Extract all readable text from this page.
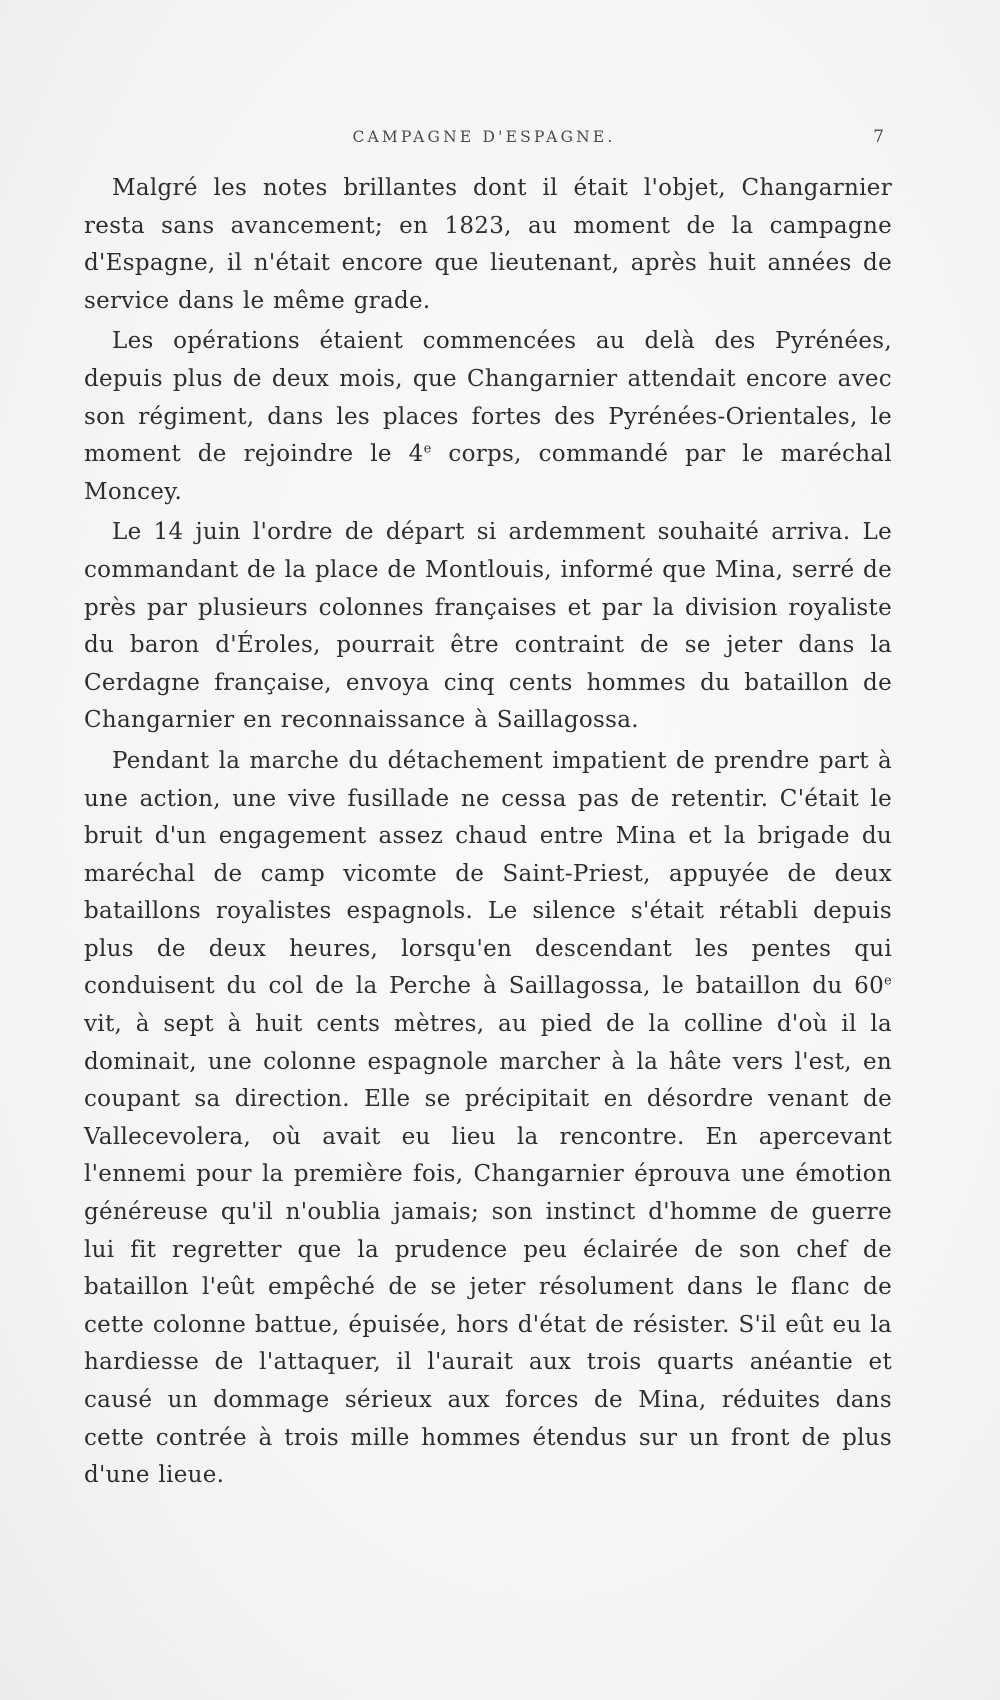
CAMPAGNE D'ESPAGNE.	7

Malgré les notes brillantes dont il était l'objet, Changarnier resta sans avancement; en 1823, au moment de la campagne d'Espagne, il n'était encore que lieutenant, après huit années de service dans le même grade.

Les opérations étaient commencées au delà des Pyrénées, depuis plus de deux mois, que Changarnier attendait encore avec son régiment, dans les places fortes des Pyrénées-Orientales, le moment de rejoindre le 4e corps, commandé par le maréchal Moncey.

Le 14 juin l'ordre de départ si ardemment souhaité arriva. Le commandant de la place de Montlouis, informé que Mina, serré de près par plusieurs colonnes françaises et par la division royaliste du baron d'Éroles, pourrait être contraint de se jeter dans la Cerdagne française, envoya cinq cents hommes du bataillon de Changarnier en reconnaissance à Saillagossa.

Pendant la marche du détachement impatient de prendre part à une action, une vive fusillade ne cessa pas de retentir. C'était le bruit d'un engagement assez chaud entre Mina et la brigade du maréchal de camp vicomte de Saint-Priest, appuyée de deux bataillons royalistes espagnols. Le silence s'était rétabli depuis plus de deux heures, lorsqu'en descendant les pentes qui conduisent du col de la Perche à Saillagossa, le bataillon du 60e vit, à sept à huit cents mètres, au pied de la colline d'où il la dominait, une colonne espagnole marcher à la hâte vers l'est, en coupant sa direction. Elle se précipitait en désordre venant de Vallecevolera, où avait eu lieu la rencontre. En apercevant l'ennemi pour la première fois, Changarnier éprouva une émotion généreuse qu'il n'oublia jamais; son instinct d'homme de guerre lui fit regretter que la prudence peu éclairée de son chef de bataillon l'eût empêché de se jeter résolument dans le flanc de cette colonne battue, épuisée, hors d'état de résister. S'il eût eu la hardiesse de l'attaquer, il l'aurait aux trois quarts anéantie et causé un dommage sérieux aux forces de Mina, réduites dans cette contrée à trois mille hommes étendus sur un front de plus d'une lieue.
